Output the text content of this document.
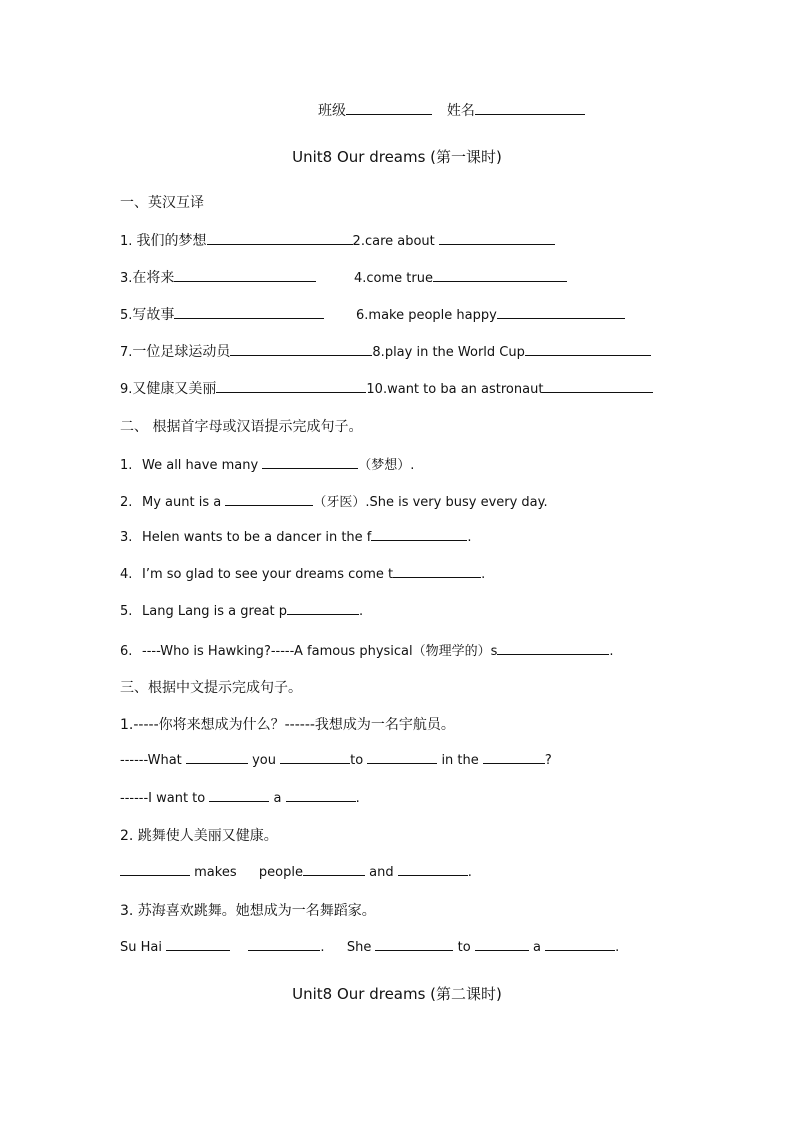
班级	姓名
Unit8 Our dreams (第一课时)
一、英汉互译
1. 我们的梦想	2.care about
3.在将来	4.come true
5.写故事	6.make people happy
7.一位足球运动员	8.play in the World Cup
9.又健康又美丽	10.want to ba an astronaut
二、 根据首字母或汉语提示完成句子。
1. We all have many	（梦想）.
2. My aunt is a	（牙医）.She is very busy every day.
3. Helen wants to be a dancer in the f	.
4. I’m so glad to see your dreams come t	.
5. Lang Lang is a great p	.
6. ----Who is Hawking?-----A famous physical（物理学的）s	.
三、根据中文提示完成句子。
1.-----你将来想成为什么？------我想成为一名宇航员。
------What	you	to	in the	?
------I want to	a	.
2. 跳舞使人美丽又健康。
makes people	and	.
3. 苏海喜欢跳舞。她想成为一名舞蹈家。
Su Hai	. She	to	a	.
Unit8 Our dreams (第二课时)
